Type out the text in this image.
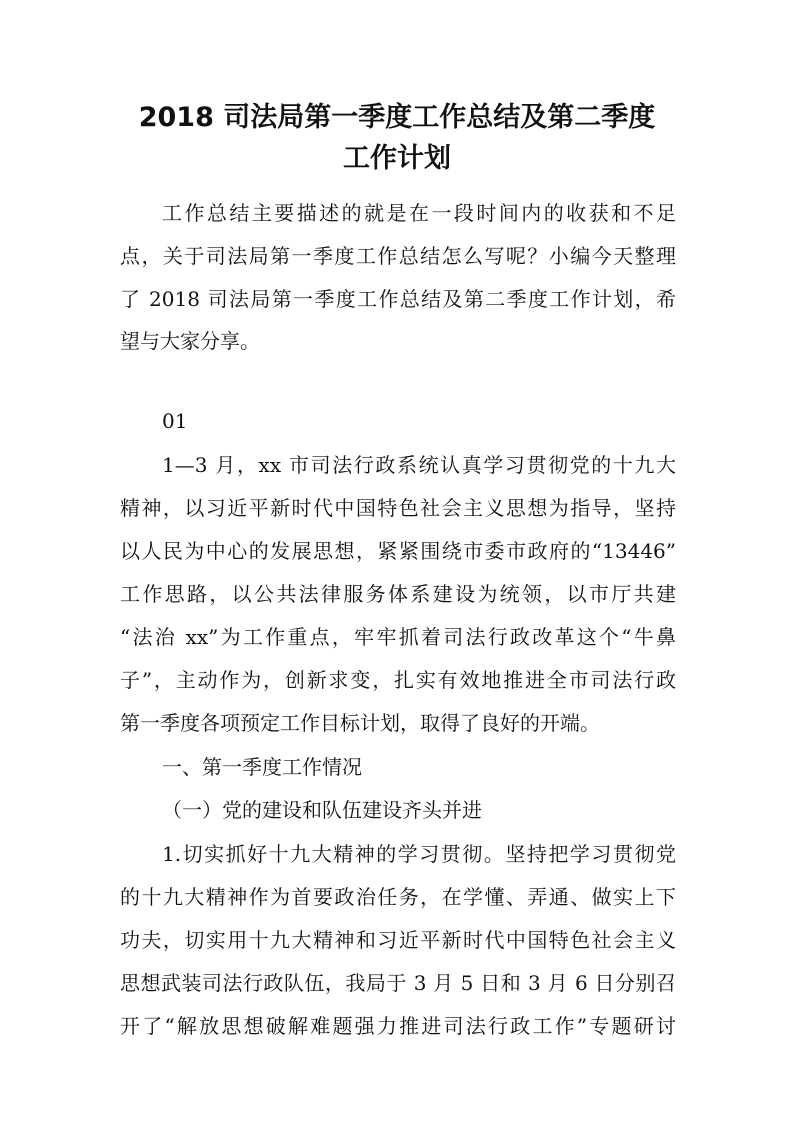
2018 司法局第一季度工作总结及第二季度
工作计划

工作总结主要描述的就是在一段时间内的收获和不足

点，关于司法局第一季度工作总结怎么写呢？小编今天整理

了 2018 司法局第一季度工作总结及第二季度工作计划，希

望与大家分享。

01

1—3 月，xx 市司法行政系统认真学习贯彻党的十九大

精神，以习近平新时代中国特色社会主义思想为指导，坚持

以人民为中心的发展思想，紧紧围绕市委市政府的“13446”

工作思路，以公共法律服务体系建设为统领，以市厅共建

“法治 xx”为工作重点，牢牢抓着司法行政改革这个“牛鼻

子”，主动作为，创新求变，扎实有效地推进全市司法行政

第一季度各项预定工作目标计划，取得了良好的开端。

一、第一季度工作情况

（一）党的建设和队伍建设齐头并进

1.切实抓好十九大精神的学习贯彻。坚持把学习贯彻党

的十九大精神作为首要政治任务，在学懂、弄通、做实上下

功夫，切实用十九大精神和习近平新时代中国特色社会主义

思想武装司法行政队伍，我局于 3 月 5 日和 3 月 6 日分别召

开了“解放思想破解难题强力推进司法行政工作”专题研讨
